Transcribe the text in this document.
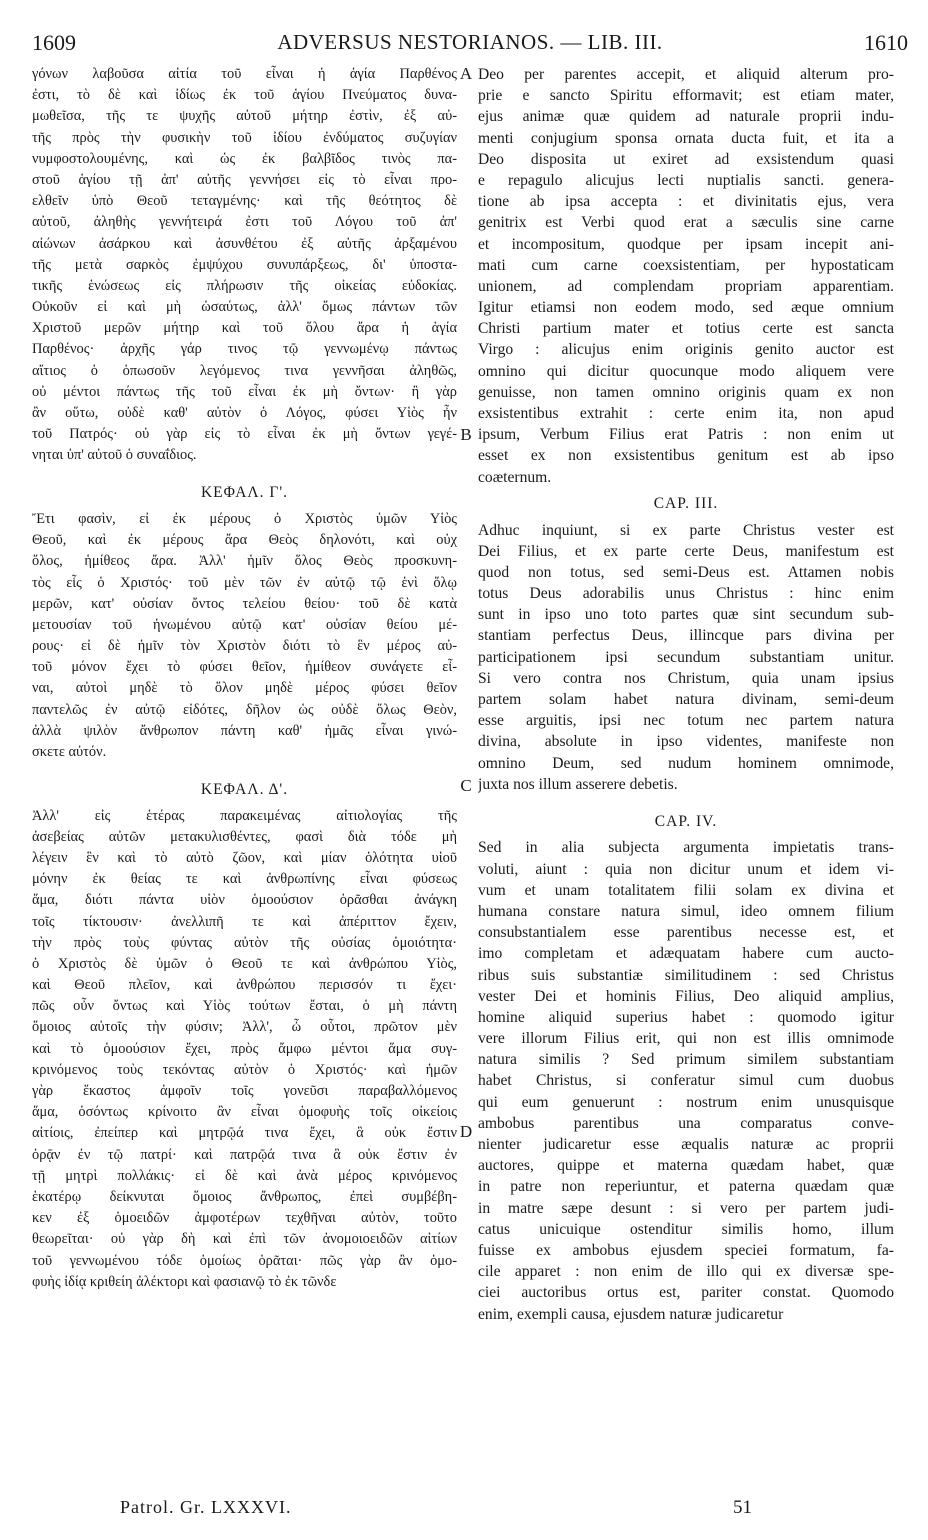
1609	ADVERSUS NESTORIANOS. — LIB. III.	1610
γόνων λαβοῦσα αἰτία τοῦ εἶναι ἡ ἁγία Παρθένος
ἐστι, τὸ δὲ καὶ ἰδίως ἐκ τοῦ ἁγίου Πνεύματος δυνα-
μωθεῖσα, τῆς τε ψυχῆς αὐτοῦ μήτηρ ἐστὶν, ἐξ αὐ-
τῆς πρὸς τὴν φυσικὴν τοῦ ἰδίου ἐνδύματος συζυγίαν
νυμφοστολουμένης, καὶ ὡς ἐκ βαλβῖδος τινὸς πα-
στοῦ ἁγίου τῇ ἀπ' αὐτῆς γεννήσει εἰς τὸ εἶναι προ-
ελθεῖν ὑπὸ Θεοῦ τεταγμένης· καὶ τῆς θεότητος δὲ
αὐτοῦ, ἀληθὴς γεννήτειρά ἐστι τοῦ Λόγου τοῦ ἀπ'
αἰώνων ἀσάρκου καὶ ἀσυνθέτου ἐξ αὐτῆς ἀρξαμένου
τῆς μετὰ σαρκὸς ἐμψύχου συνυπάρξεως, δι' ὑποστα-
τικῆς ἑνώσεως εἰς πλήρωσιν τῆς οἰκείας εὐδοκίας.
Οὐκοῦν εἰ καὶ μὴ ὡσαύτως, ἀλλ' ὅμως πάντων τῶν
Χριστοῦ μερῶν μήτηρ καὶ τοῦ ὅλου ἄρα ἡ ἁγία
Παρθένος· ἀρχῆς γάρ τινος τῷ γεννωμένῳ πάντως
αἴτιος ὁ ὁπωσοῦν λεγόμενος τινα γεννῆσαι ἀληθῶς,
οὐ μέντοι πάντως τῆς τοῦ εἶναι ἐκ μὴ ὄντων· ἢ γὰρ
ἂν οὕτω, οὐδὲ καθ' αὐτὸν ὁ Λόγος, φύσει Υἱὸς ἦν
τοῦ Πατρός· οὐ γὰρ εἰς τὸ εἶναι ἐκ μὴ ὄντων γεγέ-
νηται ὑπ' αὐτοῦ ὁ συναΐδιος.
ΚΕΦΑΛ. Γ'.
Ἔτι φασὶν, εἰ ἐκ μέρους ὁ Χριστὸς ὑμῶν Υἱὸς
Θεοῦ, καὶ ἐκ μέρους ἄρα Θεὸς δηλονότι, καὶ οὐχ
ὅλος, ἡμίθεος ἄρα. Ἀλλ' ἡμῖν ὅλος Θεὸς προσκυνη-
τὸς εἷς ὁ Χριστός· τοῦ μὲν τῶν ἐν αὐτῷ τῷ ἑνὶ ὅλῳ
μερῶν, κατ' οὐσίαν ὄντος τελείου θείου· τοῦ δὲ κατὰ
μετουσίαν τοῦ ἡνωμένου αὐτῷ κατ' οὐσίαν θείου μέ-
ρους· εἰ δὲ ἡμῖν τὸν Χριστὸν διότι τὸ ἓν μέρος αὐ-
τοῦ μόνον ἔχει τὸ φύσει θεῖον, ἡμίθεον συνάγετε εἶ-
ναι, αὐτοὶ μηδὲ τὸ ὅλον μηδὲ μέρος φύσει θεῖον
παντελῶς ἐν αὐτῷ εἰδότες, δῆλον ὡς οὐδὲ ὅλως Θεὸν,
ἀλλὰ ψιλὸν ἄνθρωπον πάντη καθ' ἡμᾶς εἶναι γινώ-
σκετε αὐτόν.
ΚΕΦΑΛ. Δ'.
Ἀλλ' εἰς ἑτέρας παρακειμένας αἰτιολογίας τῆς
ἀσεβείας αὐτῶν μετακυλισθέντες, φασὶ διὰ τόδε μὴ
λέγειν ἓν καὶ τὸ αὐτὸ ζῶον, καὶ μίαν ὁλότητα υἱοῦ
μόνην ἐκ θείας τε καὶ ἀνθρωπίνης εἶναι φύσεως
ἅμα, διότι πάντα υἱὸν ὁμοούσιον ὁρᾶσθαι ἀνάγκη
τοῖς τίκτουσιν· ἀνελλιπῆ τε καὶ ἀπέριττον ἔχειν,
τὴν πρὸς τοὺς φύντας αὐτὸν τῆς οὐσίας ὁμοιότητα·
ὁ Χριστὸς δὲ ὑμῶν ὁ Θεοῦ τε καὶ ἀνθρώπου Υἱὸς,
καὶ Θεοῦ πλεῖον, καὶ ἀνθρώπου περισσόν τι ἔχει·
πῶς οὖν ὄντως καὶ Υἱὸς τούτων ἔσται, ὁ μὴ πάντη
ὅμοιος αὐτοῖς τὴν φύσιν; Ἀλλ', ὦ οὗτοι, πρῶτον μὲν
καὶ τὸ ὁμοούσιον ἔχει, πρὸς ἄμφω μέντοι ἅμα συγ-
κρινόμενος τοὺς τεκόντας αὐτὸν ὁ Χριστός· καὶ ἡμῶν
γὰρ ἕκαστος ἀμφοῖν τοῖς γονεῦσι παραβαλλόμενος
ἅμα, ὁσόντως κρίνοιτο ἂν εἶναι ὁμοφυὴς τοῖς οἰκείοις
αἰτίοις, ἐπείπερ καὶ μητρῷά τινα ἔχει, ἃ οὐκ ἔστιν
ὁρᾷν ἐν τῷ πατρί· καὶ πατρῷά τινα ἃ οὐκ ἔστιν ἐν
τῇ μητρὶ πολλάκις· εἰ δὲ καὶ ἀνὰ μέρος κρινόμενος
ἑκατέρῳ δείκνυται ὅμοιος ἄνθρωπος, ἐπεὶ συμβέβη-
κεν ἐξ ὁμοειδῶν ἀμφοτέρων τεχθῆναι αὐτὸν, τοῦτο
θεωρεῖται· οὐ γὰρ δὴ καὶ ἐπὶ τῶν ἀνομοιοειδῶν αἰτίων
τοῦ γεννωμένου τόδε ὁμοίως ὁρᾶται· πῶς γὰρ ἂν ὁμο-
φυὴς ἰδίᾳ κριθείη ἀλέκτορι καὶ φασιανῷ τὸ ἐκ τῶνδε
Deo per parentes accepit, et aliquid alterum pro-
prie e sancto Spiritu efformavit; est etiam mater,
ejus animæ quæ quidem ad naturale proprii indu-
menti conjugium sponsa ornata ducta fuit, et ita a
Deo disposita ut exiret ad exsistendum quasi
e repagulo alicujus lecti nuptialis sancti. genera-
tione ab ipsa accepta : et divinitatis ejus, vera
genitrix est Verbi quod erat a sæculis sine carne
et incompositum, quodque per ipsam incepit ani-
mati cum carne coexsistentiam, per hypostaticam
unionem, ad complendam propriam apparentiam.
Igitur etiamsi non eodem modo, sed æque omnium
Christi partium mater et totius certe est sancta
Virgo : alicujus enim originis genito auctor est
omnino qui dicitur quocunque modo aliquem vere
genuisse, non tamen omnino originis quam ex non
exsistentibus extrahit : certe enim ita, non apud
ipsum, Verbum Filius erat Patris : non enim ut
esset ex non exsistentibus genitum est ab ipso
coæternum.
CAP. III.
Adhuc inquiunt, si ex parte Christus vester est
Dei Filius, et ex parte certe Deus, manifestum est
quod non totus, sed semi-Deus est. Attamen nobis
totus Deus adorabilis unus Christus : hinc enim
sunt in ipso uno toto partes quæ sint secundum sub-
stantiam perfectus Deus, illincque pars divina per
participationem ipsi secundum substantiam unitur.
Si vero contra nos Christum, quia unam ipsius
partem solam habet natura divinam, semi-deum
esse arguitis, ipsi nec totum nec partem natura
divina, absolute in ipso videntes, manifeste non
omnino Deum, sed nudum hominem omnimode,
juxta nos illum asserere debetis.
CAP. IV.
Sed in alia subjecta argumenta impietatis trans-
voluti, aiunt : quia non dicitur unum et idem vi-
vum et unam totalitatem filii solam ex divina et
humana constare natura simul, ideo omnem filium
consubstantialem esse parentibus necesse est, et
imo completam et adæquatam habere cum aucto-
ribus suis substantiæ similitudinem : sed Christus
vester Dei et hominis Filius, Deo aliquid amplius,
homine aliquid superius habet : quomodo igitur
vere illorum Filius erit, qui non est illis omnimode
natura similis ? Sed primum similem substantiam
habet Christus, si conferatur simul cum duobus
qui eum genuerunt : nostrum enim unusquisque
ambobus parentibus una comparatus conve-
nienter judicaretur esse æqualis naturæ ac proprii
auctores, quippe et materna quædam habet, quæ
in patre non reperiuntur, et paterna quædam quæ
in matre sæpe desunt : si vero per partem judi-
catus unicuique ostenditur similis homo, illum
fuisse ex ambobus ejusdem speciei formatum, fa-
cile apparet : non enim de illo qui ex diversæ spe-
ciei auctoribus ortus est, pariter constat. Quomodo
enim, exempli causa, ejusdem naturæ judicaretur
A
B
C
D
Patrol. Gr. LXXXVI.	51
